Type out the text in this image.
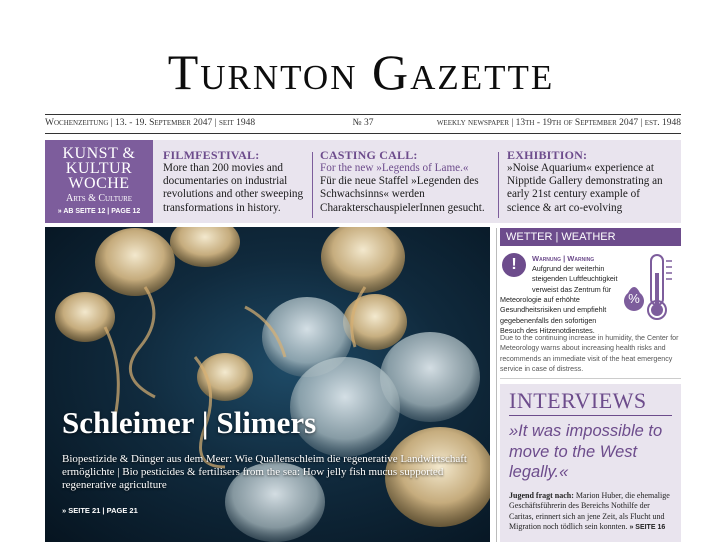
Turnton Gazette
Wochenzeitung | 13. - 19. September 2047 | seit 1948	№ 37	weekly newspaper | 13th - 19th of September 2047 | est. 1948
KUNST &
KULTUR
WOCHE
Arts & Culture
» AB SEITE 12 | PAGE 12
FILMFESTIVAL:
More than 200 movies and documentaries on industrial revolutions and other sweeping transformations in history.
CASTING CALL:
For the new »Legends of Lame.«
Für die neue Staffel »Legenden des Schwachsinns« werden CharakterschauspielerInnen gesucht.
EXHIBITION:
»Noise Aquarium« experience at Nipptide Gallery demonstrating an early 21st century example of science & art co-evolving
Schleimer | Slimers
Biopestizide & Dünger aus dem Meer: Wie Quallenschleim die regenerative Landwirtschaft ermöglichte | Bio pesticides & fertilisers from the sea: How jelly fish mucus supported regenerative agriculture
» SEITE 21 | PAGE 21
WETTER | WEATHER
!	Warnung | Warning
Aufgrund der weiterhin steigenden Luftfeuchtigkeit verweist das Zentrum für
Meteorologie auf erhöhte Gesundheitsrisiken und empfiehlt gegebenenfalls den sofortigen Besuch des Hitzenotdienstes.
Due to the continuing increase in humidity, the Center for Meteorology warns about increasing health risks and recommends an immediate visit of the heat emergency service in case of distress.
%
INTERVIEWS
»It was impossible to move to the West legally.«
Jugend fragt nach: Marion Huber, die ehemalige Geschäftsführerin des Bereichs Nothilfe der Caritas, erinnert sich an jene Zeit, als Flucht und Migration noch tödlich sein konnten. » SEITE 16
